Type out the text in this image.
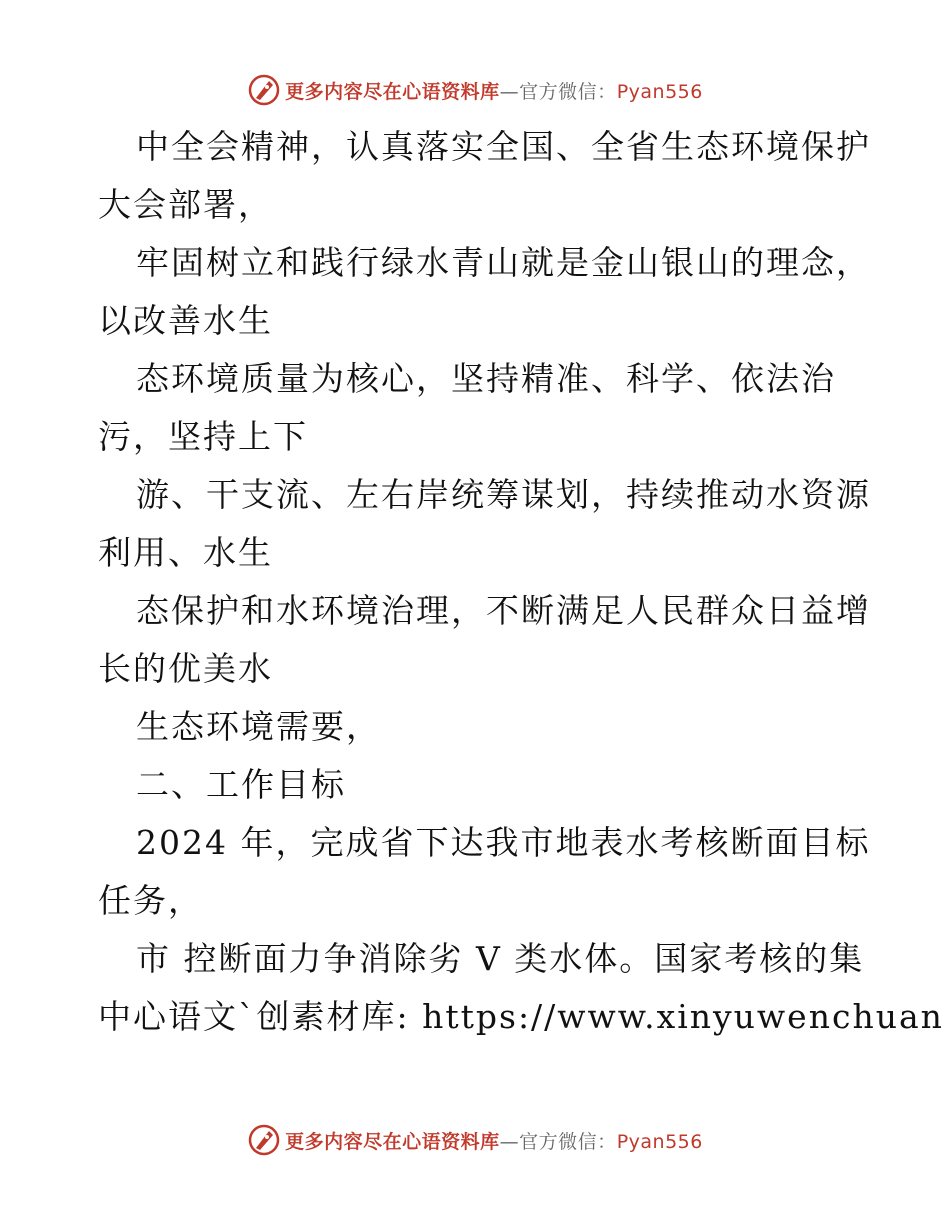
更多内容尽在心语资料库—官方微信：Pyan556
中全会精神，认真落实全国、全省生态环境保护
大会部署，
牢固树立和践行绿水青山就是金山银山的理念，
以改善水生
态环境质量为核心，坚持精准、科学、依法治
污，坚持上下
游、干支流、左右岸统筹谋划，持续推动水资源
利用、水生
态保护和水环境治理，不断满足人民群众日益增
长的优美水
生态环境需要，
二、工作目标
2024 年，完成省下达我市地表水考核断面目标
任务，
市 控断面力争消除劣 V 类水体。国家考核的集
中心语文`创素材库: https://www.xinyuwenchuan
更多内容尽在心语资料库—官方微信：Pyan556
